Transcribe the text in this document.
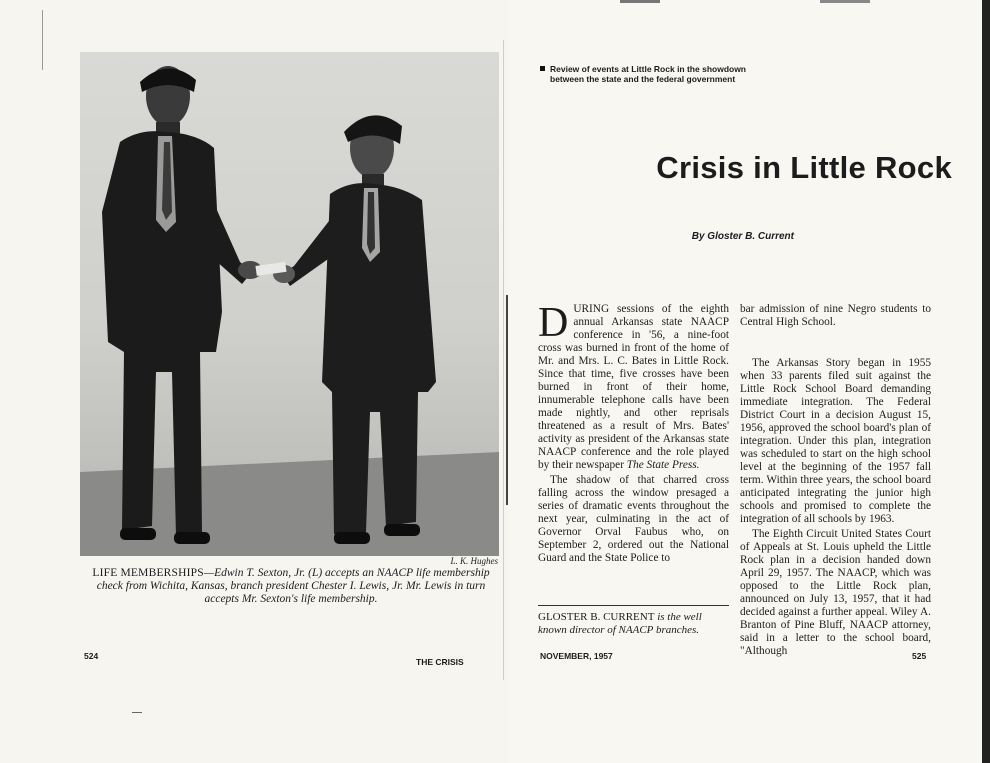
L. K. Hughes
LIFE MEMBERSHIPS—Edwin T. Sexton, Jr. (L) accepts an NAACP life membership check from Wichita, Kansas, branch president Chester I. Lewis, Jr. Mr. Lewis in turn accepts Mr. Sexton's life membership.
524
THE CRISIS
Review of events at Little Rock in the showdown
between the state and the federal government
Crisis in Little Rock
By Gloster B. Current

DURING sessions of the eighth annual Arkansas state NAACP conference in '56, a nine-foot cross was burned in front of the home of Mr. and Mrs. L. C. Bates in Little Rock. Since that time, five crosses have been burned in front of their home, innumerable telephone calls have been made nightly, and other reprisals threatened as a result of Mrs. Bates' activity as president of the Arkansas state NAACP conference and the role played by their newspaper The State Press.

The shadow of that charred cross falling across the window presaged a series of dramatic events throughout the next year, culminating in the act of Governor Orval Faubus who, on September 2, ordered out the National Guard and the State Police to

bar admission of nine Negro students to Central High School.

The Arkansas Story began in 1955 when 33 parents filed suit against the Little Rock School Board demanding immediate integration. The Federal District Court in a decision August 15, 1956, approved the school board's plan of integration. Under this plan, integration was scheduled to start on the high school level at the beginning of the 1957 fall term. Within three years, the school board anticipated integrating the junior high schools and promised to complete the integration of all schools by 1963.

The Eighth Circuit United States Court of Appeals at St. Louis upheld the Little Rock plan in a decision handed down April 29, 1957. The NAACP, which was opposed to the Little Rock plan, announced on July 13, 1957, that it had decided against a further appeal. Wiley A. Branton of Pine Bluff, NAACP attorney, said in a letter to the school board, "Although

GLOSTER B. CURRENT is the well known director of NAACP branches.
NOVEMBER, 1957	525
